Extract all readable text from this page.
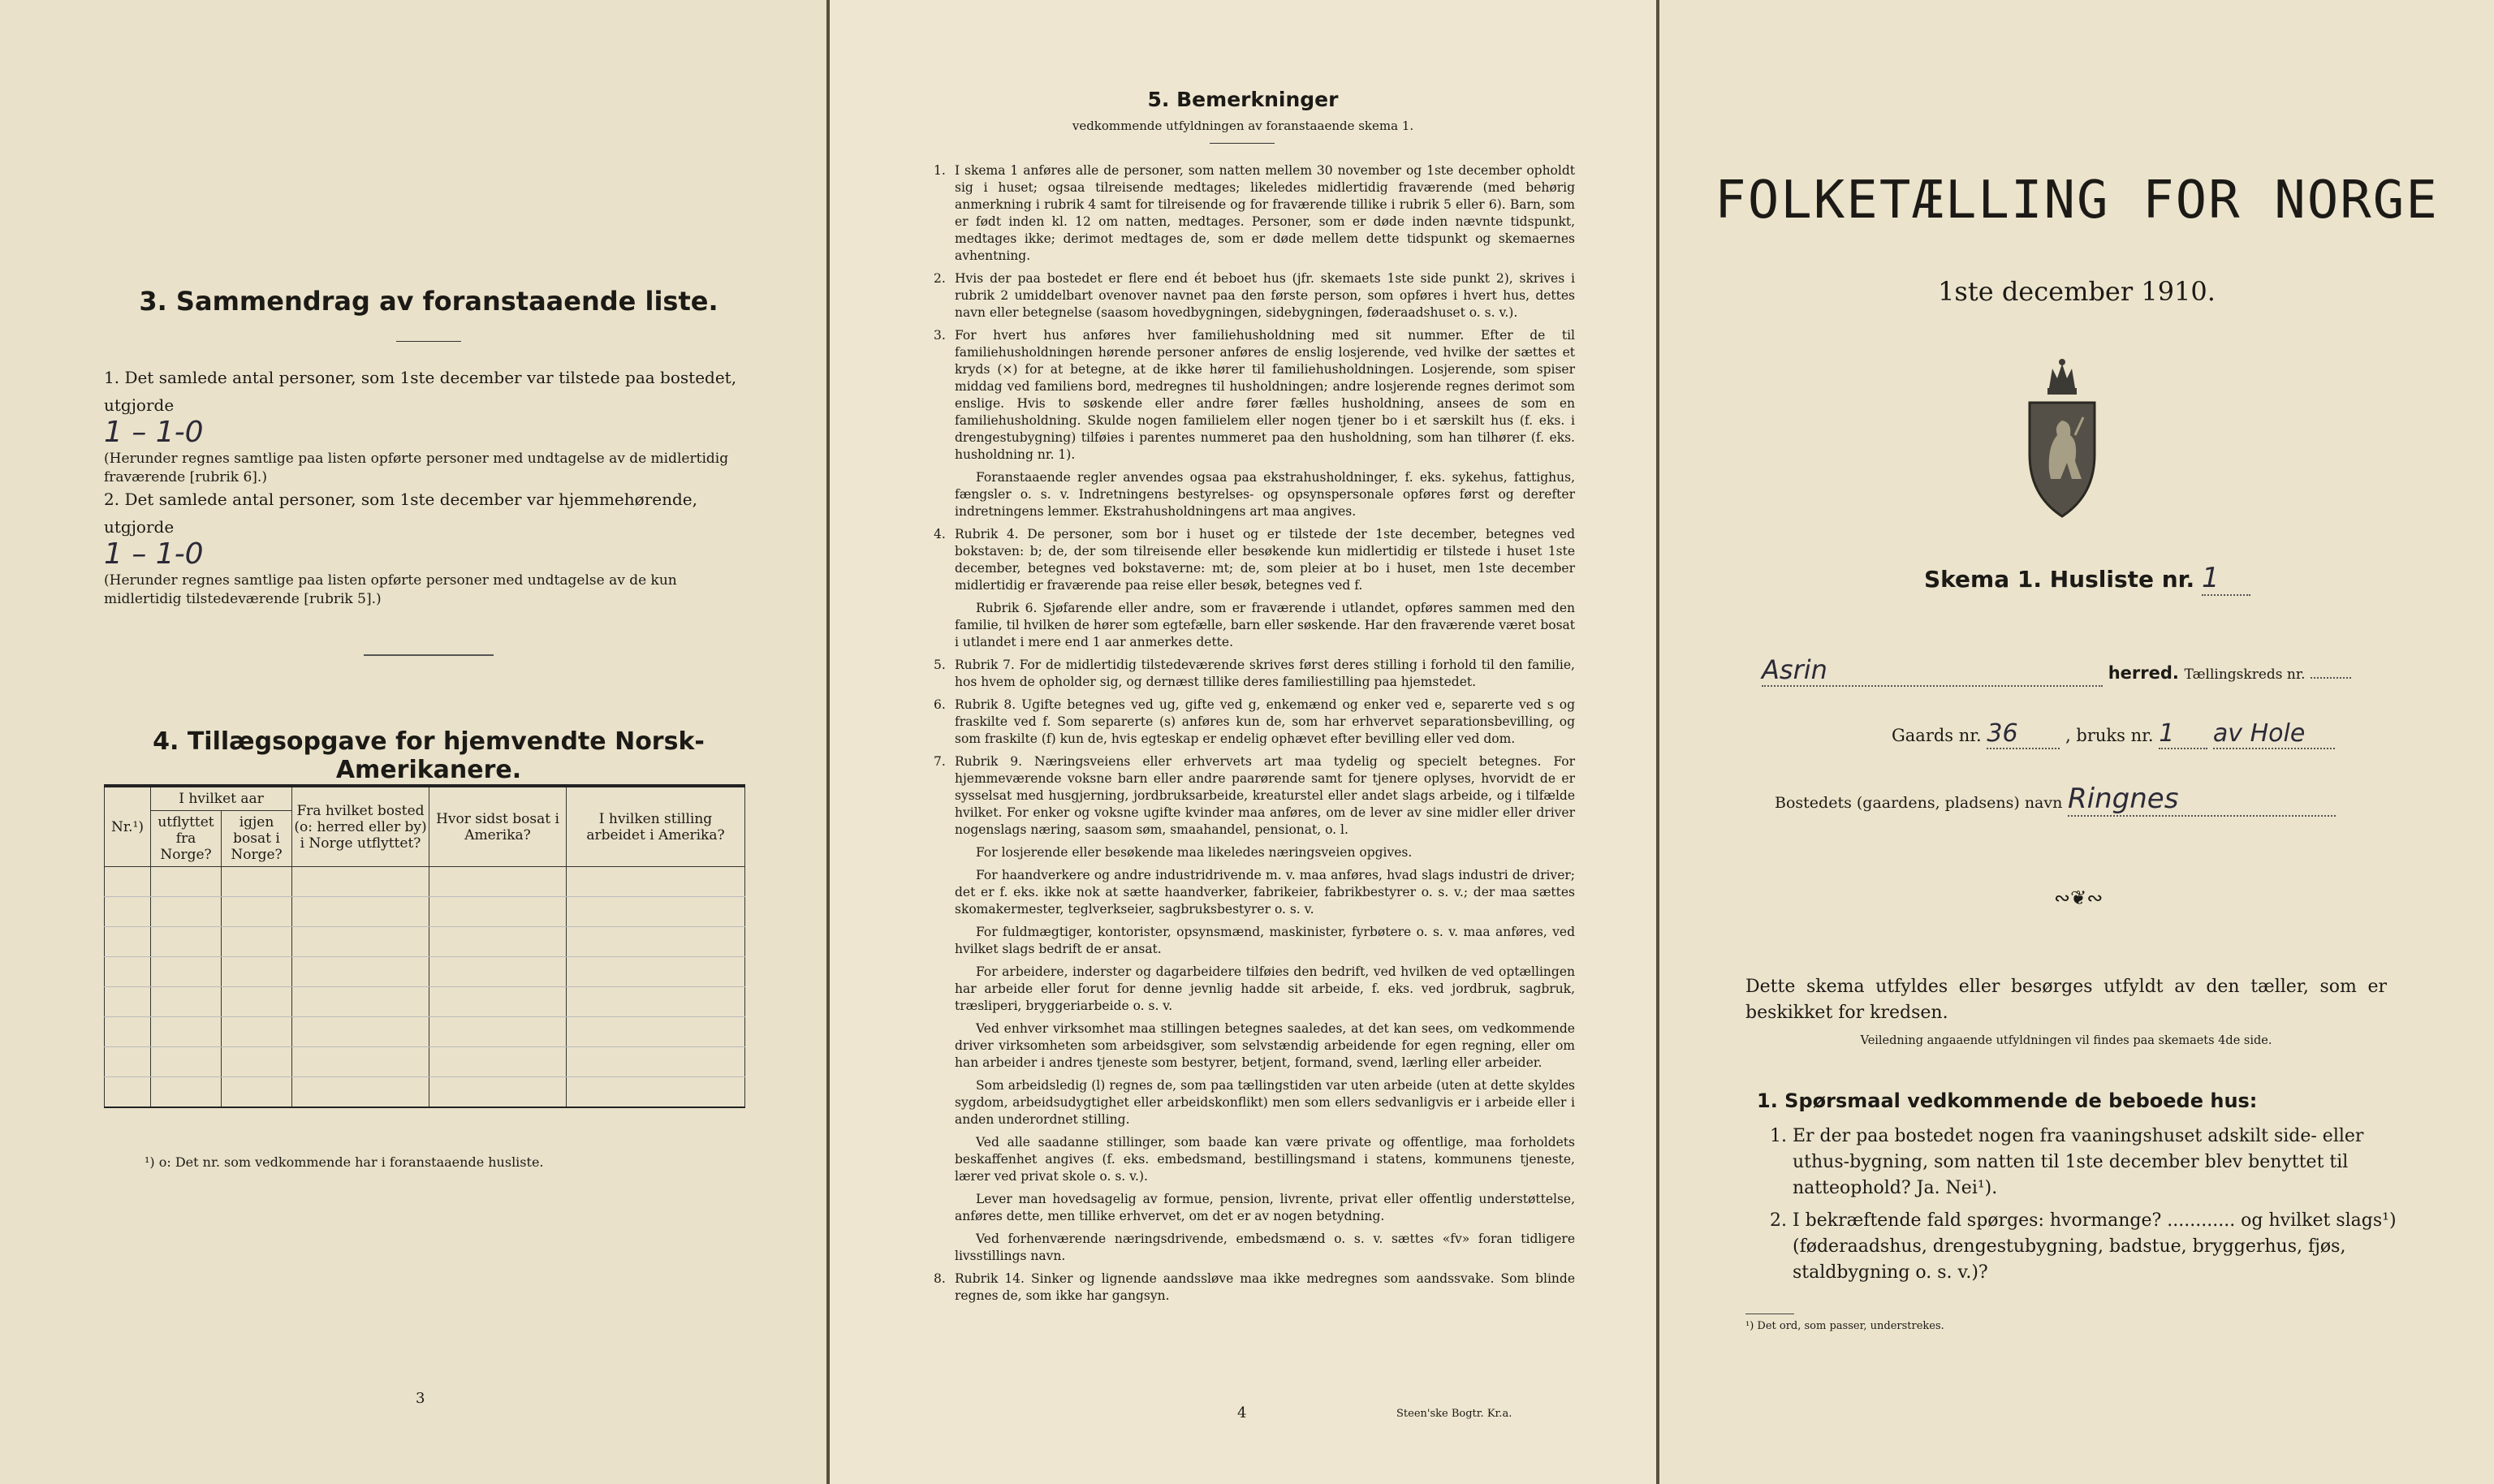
3. Sammendrag av foranstaaende liste.

1. Det samlede antal personer, som 1ste december var tilstede paa bostedet, utgjorde

1 – 1-0

(Herunder regnes samtlige paa listen opførte personer med undtagelse av de midlertidig fraværende [rubrik 6].)

2. Det samlede antal personer, som 1ste december var hjemmehørende, utgjorde

1 – 1-0

(Herunder regnes samtlige paa listen opførte personer med undtagelse av de kun midlertidig tilstedeværende [rubrik 5].)

4. Tillægsopgave for hjemvendte Norsk-Amerikanere.
Nr.¹)	I hvilket aar		Fra hvilket bosted (o: herred eller by) i Norge utflyttet?	Hvor sidst bosat i Amerika?	I hvilken stilling arbeidet i Amerika?
	utflyttet fra Norge?	igjen bosat i Norge?			

¹) o: Det nr. som vedkommende har i foranstaaende husliste.
3
5. Bemerkninger
vedkommende utfyldningen av foranstaaende skema 1.
1. I skema 1 anføres alle de personer, som natten mellem 30 november og 1ste december opholdt sig i huset; ogsaa tilreisende medtages; likeledes midlertidig fraværende (med behørig anmerkning i rubrik 4 samt for tilreisende og for fraværende tillike i rubrik 5 eller 6). Barn, som er født inden kl. 12 om natten, medtages. Personer, som er døde inden nævnte tidspunkt, medtages ikke; derimot medtages de, som er døde mellem dette tidspunkt og skemaernes avhentning.
2. Hvis der paa bostedet er flere end ét beboet hus (jfr. skemaets 1ste side punkt 2), skrives i rubrik 2 umiddelbart ovenover navnet paa den første person, som opføres i hvert hus, dettes navn eller betegnelse (saasom hovedbygningen, sidebygningen, føderaadshuset o. s. v.).
3. For hvert hus anføres hver familiehusholdning med sit nummer. Efter de til familiehusholdningen hørende personer anføres de enslig losjerende, ved hvilke der sættes et kryds (×) for at betegne, at de ikke hører til familiehusholdningen. Losjerende, som spiser middag ved familiens bord, medregnes til husholdningen; andre losjerende regnes derimot som enslige. Hvis to søskende eller andre fører fælles husholdning, ansees de som en familiehusholdning. Skulde nogen familielem eller nogen tjener bo i et særskilt hus (f. eks. i drengestubygning) tilføies i parentes nummeret paa den husholdning, som han tilhører (f. eks. husholdning nr. 1).
Foranstaaende regler anvendes ogsaa paa ekstrahusholdninger, f. eks. sykehus, fattighus, fængsler o. s. v. Indretningens bestyrelses- og opsynspersonale opføres først og derefter indretningens lemmer. Ekstrahusholdningens art maa angives.
4. Rubrik 4. De personer, som bor i huset og er tilstede der 1ste december, betegnes ved bokstaven: b; de, der som tilreisende eller besøkende kun midlertidig er tilstede i huset 1ste december, betegnes ved bokstaverne: mt; de, som pleier at bo i huset, men 1ste december midlertidig er fraværende paa reise eller besøk, betegnes ved f.
Rubrik 6. Sjøfarende eller andre, som er fraværende i utlandet, opføres sammen med den familie, til hvilken de hører som egtefælle, barn eller søskende. Har den fraværende været bosat i utlandet i mere end 1 aar anmerkes dette.
5. Rubrik 7. For de midlertidig tilstedeværende skrives først deres stilling i forhold til den familie, hos hvem de opholder sig, og dernæst tillike deres familiestilling paa hjemstedet.
6. Rubrik 8. Ugifte betegnes ved ug, gifte ved g, enkemænd og enker ved e, separerte ved s og fraskilte ved f. Som separerte (s) anføres kun de, som har erhvervet separationsbevilling, og som fraskilte (f) kun de, hvis egteskap er endelig ophævet efter bevilling eller ved dom.
7. Rubrik 9. Næringsveiens eller erhvervets art maa tydelig og specielt betegnes. For hjemmeværende voksne barn eller andre paarørende samt for tjenere oplyses, hvorvidt de er sysselsat med husgjerning, jordbruksarbeide, kreaturstel eller andet slags arbeide, og i tilfælde hvilket. For enker og voksne ugifte kvinder maa anføres, om de lever av sine midler eller driver nogenslags næring, saasom søm, smaahandel, pensionat, o. l.
For losjerende eller besøkende maa likeledes næringsveien opgives.
For haandverkere og andre industridrivende m. v. maa anføres, hvad slags industri de driver; det er f. eks. ikke nok at sætte haandverker, fabrikeier, fabrikbestyrer o. s. v.; der maa sættes skomakermester, teglverkseier, sagbruksbestyrer o. s. v.
For fuldmægtiger, kontorister, opsynsmænd, maskinister, fyrbøtere o. s. v. maa anføres, ved hvilket slags bedrift de er ansat.
For arbeidere, inderster og dagarbeidere tilføies den bedrift, ved hvilken de ved optællingen har arbeide eller forut for denne jevnlig hadde sit arbeide, f. eks. ved jordbruk, sagbruk, træsliperi, bryggeriarbeide o. s. v.
Ved enhver virksomhet maa stillingen betegnes saaledes, at det kan sees, om vedkommende driver virksomheten som arbeidsgiver, som selvstændig arbeidende for egen regning, eller om han arbeider i andres tjeneste som bestyrer, betjent, formand, svend, lærling eller arbeider.
Som arbeidsledig (l) regnes de, som paa tællingstiden var uten arbeide (uten at dette skyldes sygdom, arbeidsudygtighet eller arbeidskonflikt) men som ellers sedvanligvis er i arbeide eller i anden underordnet stilling.
Ved alle saadanne stillinger, som baade kan være private og offentlige, maa forholdets beskaffenhet angives (f. eks. embedsmand, bestillingsmand i statens, kommunens tjeneste, lærer ved privat skole o. s. v.).
Lever man hovedsagelig av formue, pension, livrente, privat eller offentlig understøttelse, anføres dette, men tillike erhvervet, om det er av nogen betydning.
Ved forhenværende næringsdrivende, embedsmænd o. s. v. sættes «fv» foran tidligere livsstillings navn.
8. Rubrik 14. Sinker og lignende aandssløve maa ikke medregnes som aandssvake. Som blinde regnes de, som ikke har gangsyn.
4	Steen'ske Bogtr. Kr.a.
FOLKETÆLLING FOR NORGE
1ste december 1910.
Skema 1. Husliste nr. 1
Asrin	herred. Tællingskreds nr.
Gaards nr. 36	, bruks nr. 1 av Hole
Bostedets (gaardens, pladsens) navn Ringnes
∾❦∾
Dette skema utfyldes eller besørges utfyldt av den tæller, som er beskikket for kredsen.
Veiledning angaaende utfyldningen vil findes paa skemaets 4de side.

1. Spørsmaal vedkommende de beboede hus:

1. Er der paa bostedet nogen fra vaaningshuset adskilt side- eller uthus-bygning, som natten til 1ste december blev benyttet til natteophold? Ja. Nei¹).

2. I bekræftende fald spørges: hvormange? ............ og hvilket slags¹) (føderaadshus, drengestubygning, badstue, bryggerhus, fjøs, staldbygning o. s. v.)?

¹) Det ord, som passer, understrekes.
